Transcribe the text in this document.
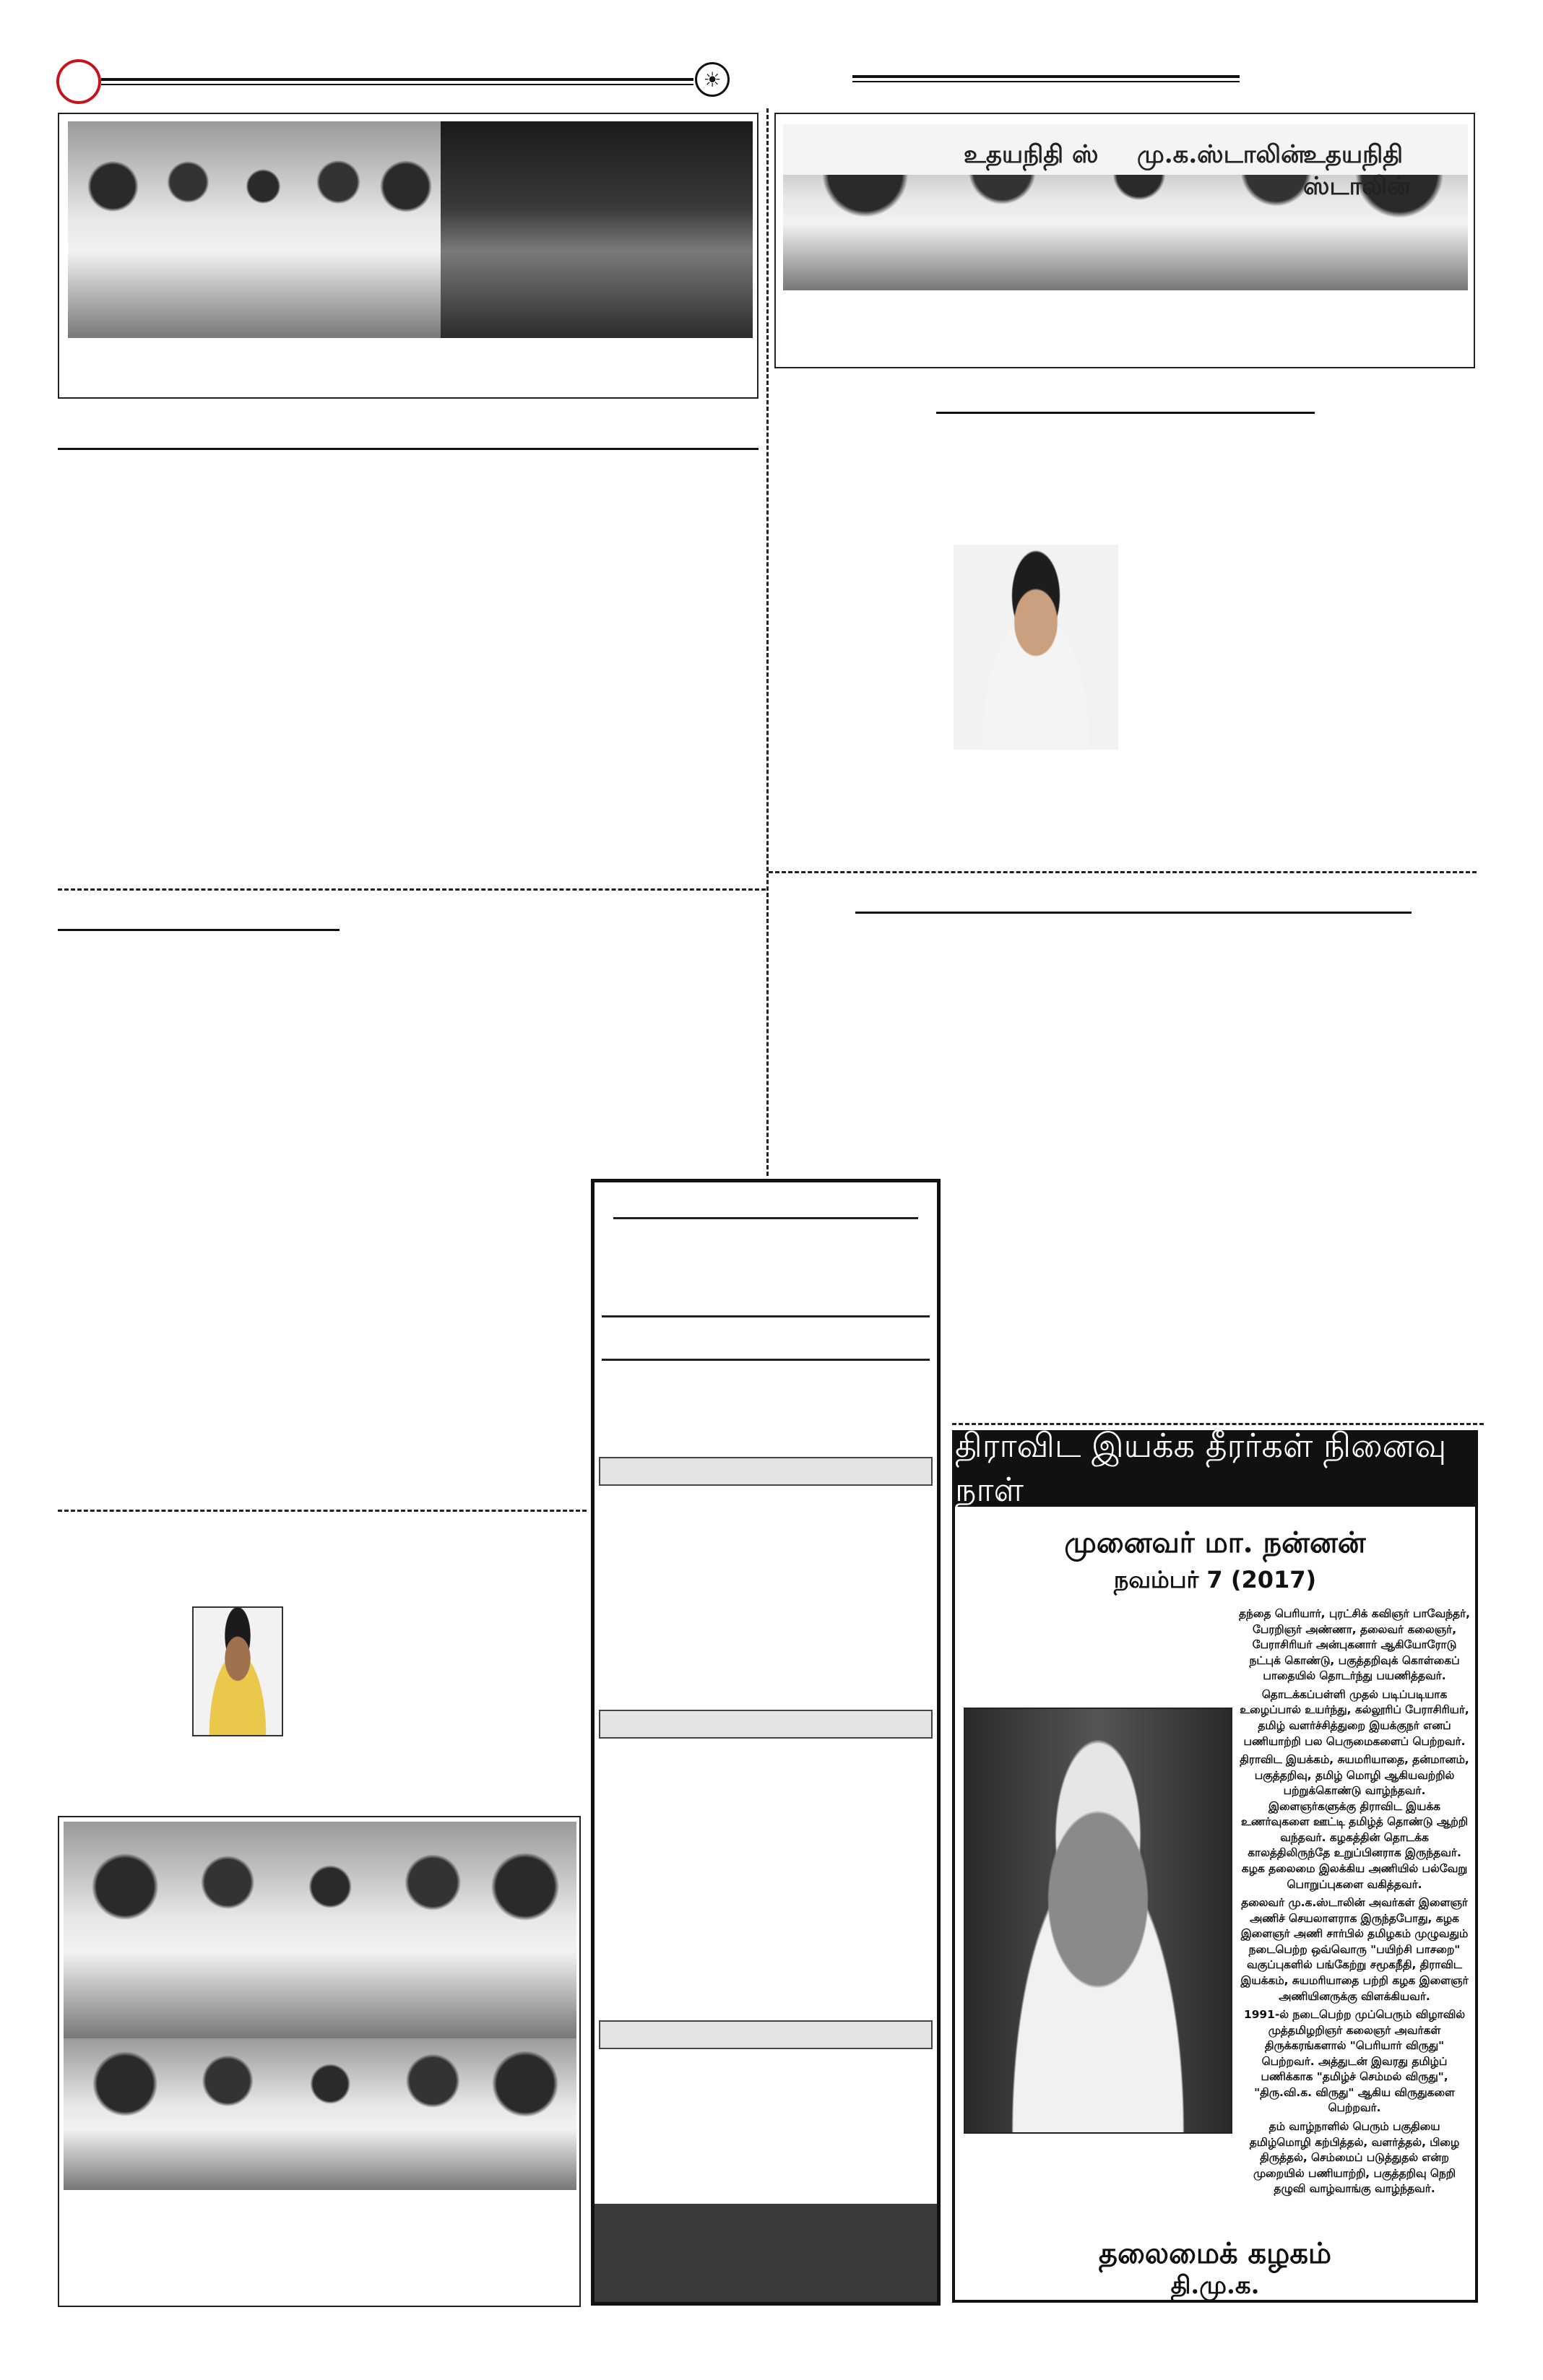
☀
உதயநிதி ஸ் மு.க.ஸ்டாலின்
உதயநிதி ஸ்டாலின்
திராவிட இயக்க தீரர்கள் நினைவு நாள்
முனைவர் மா. நன்னன்
நவம்பர் 7 (2017)

தந்தை பெரியார், புரட்சிக் கவிஞர் பாவேந்தர், பேரறிஞர் அண்ணா, தலைவர் கலைஞர், பேராசிரியர் அன்புகனார் ஆகியோரோடு நட்புக் கொண்டு, பகுத்தறிவுக் கொள்கைப் பாதையில் தொடர்ந்து பயணித்தவர்.

தொடக்கப்பள்ளி முதல் படிப்படியாக உழைப்பால் உயர்ந்து, கல்லூரிப் பேராசிரியர், தமிழ் வளர்ச்சித்துறை இயக்குநர் எனப் பணியாற்றி பல பெருமைகளைப் பெற்றவர்.

திராவிட இயக்கம், சுயமரியாதை, தன்மானம், பகுத்தறிவு, தமிழ் மொழி ஆகியவற்றில் பற்றுக்கொண்டு வாழ்ந்தவர். இளைஞர்களுக்கு திராவிட இயக்க உணர்வுகளை ஊட்டி தமிழ்த் தொண்டு ஆற்றி வந்தவர். கழகத்தின் தொடக்க காலத்திலிருந்தே உறுப்பினராக இருந்தவர். கழக தலைமை இலக்கிய அணியில் பல்வேறு பொறுப்புகளை வகித்தவர்.

தலைவர் மு.க.ஸ்டாலின் அவர்கள் இளைஞர் அணிச் செயலாளராக இருந்தபோது, கழக இளைஞர் அணி சார்பில் தமிழகம் முழுவதும் நடைபெற்ற ஒவ்வொரு "பயிற்சி பாசறை" வகுப்புகளில் பங்கேற்று சமூகநீதி, திராவிட இயக்கம், சுயமரியாதை பற்றி கழக இளைஞர் அணியினருக்கு விளக்கியவர்.

1991-ல் நடைபெற்ற முப்பெரும் விழாவில் முத்தமிழறிஞர் கலைஞர் அவர்கள் திருக்கரங்களால் "பெரியார் விருது" பெற்றவர். அத்துடன் இவரது தமிழ்ப் பணிக்காக "தமிழ்ச் செம்மல் விருது", "திரு.வி.க. விருது" ஆகிய விருதுகளை பெற்றவர்.

தம் வாழ்நாளில் பெரும் பகுதியை தமிழ்மொழி கற்பித்தல், வளர்த்தல், பிழை திருத்தல், செம்மைப் படுத்துதல் என்ற முறையில் பணியாற்றி, பகுத்தறிவு நெறி தழுவி வாழ்வாங்கு வாழ்ந்தவர்.

தலைமைக் கழகம்
தி.மு.க.
